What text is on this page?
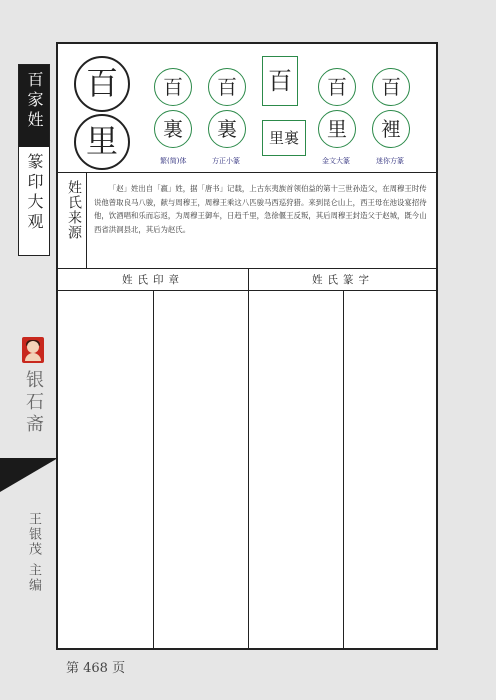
百家姓
篆印大观
银石斋
王银茂 主编
第 468 页
百
里
百
裏
繁(简)体
百
裏
方正小篆
百
里裏
百
里
金文大篆
百
裡
迷你方篆
姓氏来源	「赵」姓出自「嬴」姓，据「唐书」记载，上古东夷族首领伯益的第十三世孙造父，在周穆王时传说他曾取良马八骏，献与周穆王，周穆王乘这八匹骏马西巡狩猎。来到昆仑山上，西王母在池设宴招待他，饮酒唱和乐而忘返，为周穆王御车，日趋千里，急徐偃王反叛，其后周穆王封造父于赵城，既今山西省洪洞县北，其后为赵氏。

姓氏印章	姓氏篆字
